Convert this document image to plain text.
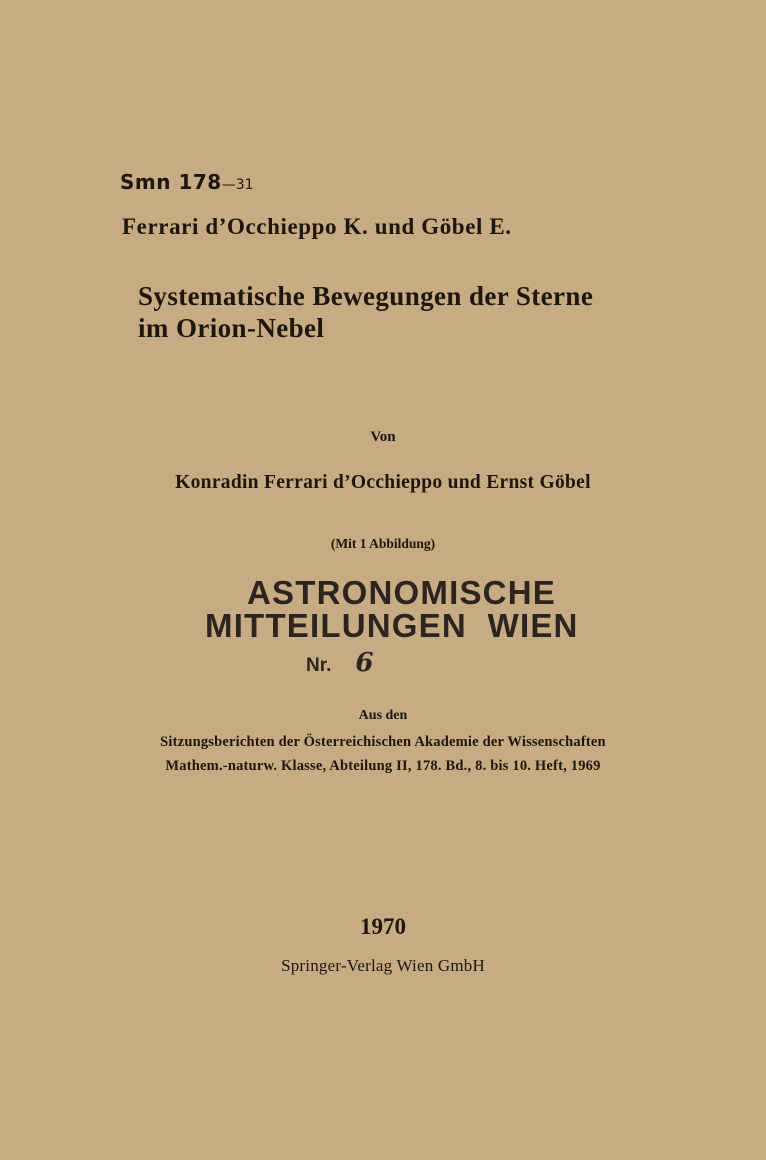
Smn 178—31
Ferrari d’Occhieppo K. und Göbel E.
Systematische Bewegungen der Sterne
im Orion-Nebel
Von
Konradin Ferrari d’Occhieppo und Ernst Göbel
(Mit 1 Abbildung)
ASTRONOMISCHE
MITTEILUNGEN  WIEN
Nr. 6
Aus den
Sitzungsberichten der Österreichischen Akademie der Wissenschaften
Mathem.-naturw. Klasse, Abteilung II, 178. Bd., 8. bis 10. Heft, 1969
1970
Springer-Verlag Wien GmbH
